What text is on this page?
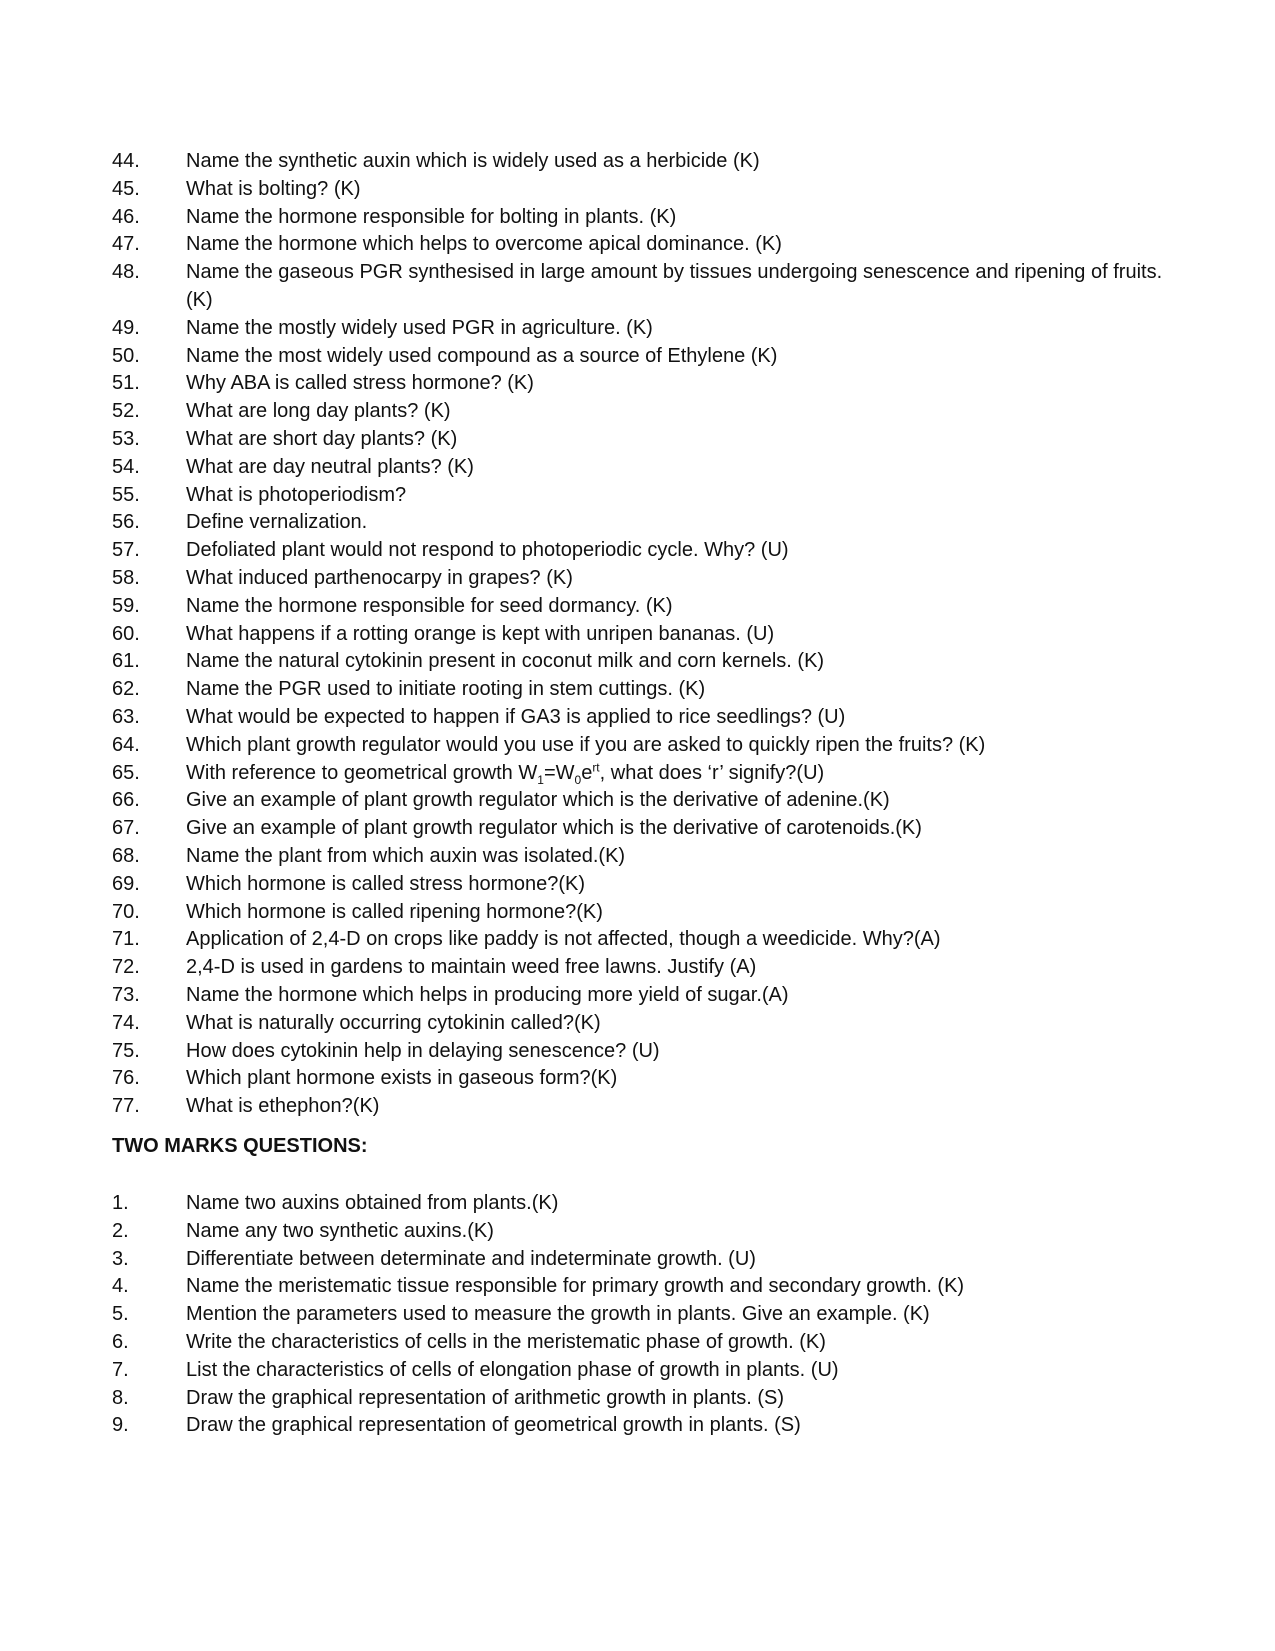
44.	Name the synthetic auxin which is widely used as a herbicide (K)
45.	What is bolting? (K)
46.	Name the hormone responsible for bolting in plants. (K)
47.	Name the hormone which helps to overcome apical dominance. (K)
48.	Name the gaseous PGR synthesised in large amount by tissues undergoing senescence and ripening of fruits. (K)
49.	Name the mostly widely used PGR in agriculture. (K)
50.	Name the most widely used compound as a source of Ethylene (K)
51.	Why ABA is called stress hormone? (K)
52.	What are long day plants? (K)
53.	What are short day plants? (K)
54.	What are day neutral plants? (K)
55.	What is photoperiodism?
56.	Define vernalization.
57.	Defoliated plant would not respond to photoperiodic cycle. Why? (U)
58.	What induced parthenocarpy in grapes? (K)
59.	Name the hormone responsible for seed dormancy. (K)
60.	What happens if a rotting orange is kept with unripen bananas. (U)
61.	Name the natural cytokinin present in coconut milk and corn kernels. (K)
62.	Name the PGR used to initiate rooting in stem cuttings. (K)
63.	What would be expected to happen if GA3 is applied to rice seedlings? (U)
64.	Which plant growth regulator would you use if you are asked to quickly ripen the fruits? (K)
65.	With reference to geometrical growth $W_1=W_0e^{rt}$, what does ‘r’ signify?(U)
66.	Give an example of plant growth regulator which is the derivative of adenine.(K)
67.	Give an example of plant growth regulator which is the derivative of carotenoids.(K)
68.	Name the plant from which auxin was isolated.(K)
69.	Which hormone is called stress hormone?(K)
70.	Which hormone is called ripening hormone?(K)
71.	Application of 2,4-D on crops like paddy is not affected, though a weedicide. Why?(A)
72.	2,4-D is used in gardens to maintain weed free lawns. Justify (A)
73.	Name the hormone which helps in producing more yield of sugar.(A)
74.	What is naturally occurring cytokinin called?(K)
75.	How does cytokinin help in delaying senescence? (U)
76.	Which plant hormone exists in gaseous form?(K)
77.	What is ethephon?(K)
TWO MARKS QUESTIONS:
1.	Name two auxins obtained from plants.(K)
2.	Name any two synthetic auxins.(K)
3.	Differentiate between determinate and indeterminate growth. (U)
4.	Name the meristematic tissue responsible for primary growth and secondary growth. (K)
5.	Mention the parameters used to measure the growth in plants. Give an example. (K)
6.	Write the characteristics of cells in the meristematic phase of growth. (K)
7.	List the characteristics of cells of elongation phase of growth in plants. (U)
8.	Draw the graphical representation of arithmetic growth in plants. (S)
9.	Draw the graphical representation of geometrical growth in plants. (S)
